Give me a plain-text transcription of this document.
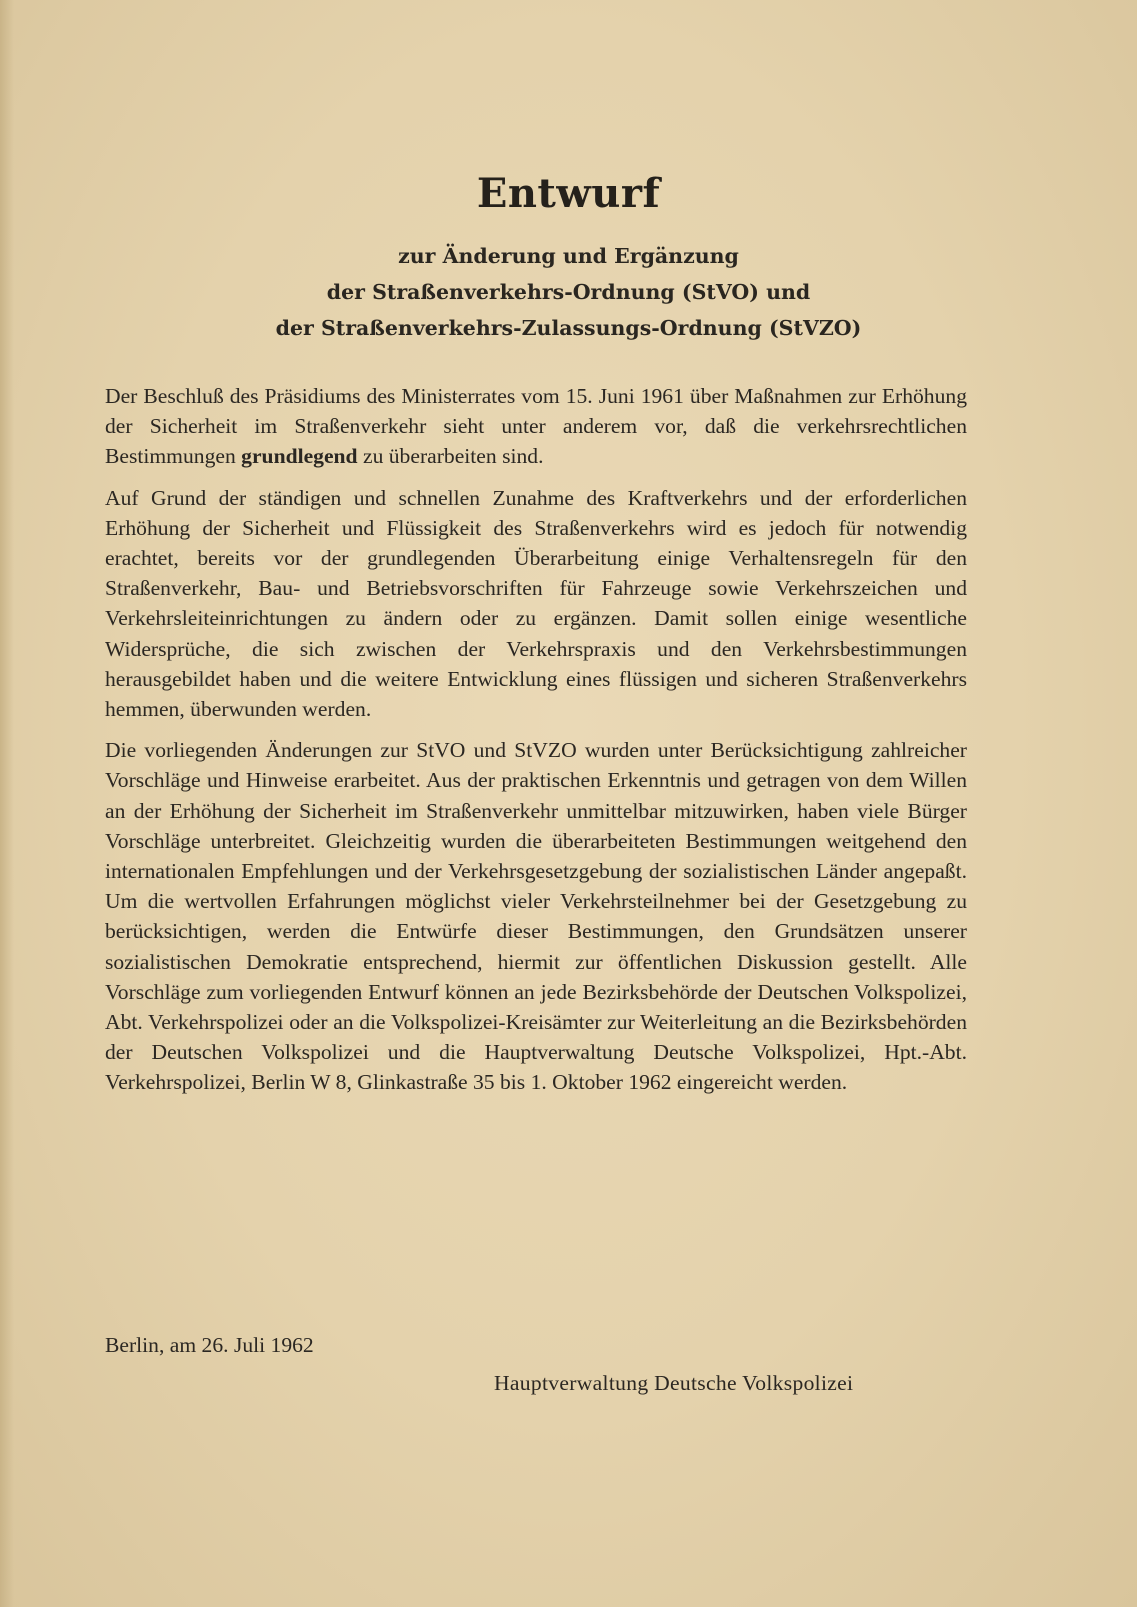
Entwurf
zur Änderung und Ergänzung
der Straßenverkehrs-Ordnung (StVO) und
der Straßenverkehrs-Zulassungs-Ordnung (StVZO)

Der Beschluß des Präsidiums des Ministerrates vom 15. Juni 1961 über Maßnahmen zur Erhöhung der Sicherheit im Straßenverkehr sieht unter anderem vor, daß die verkehrsrechtlichen Bestimmungen grundlegend zu überarbeiten sind.

Auf Grund der ständigen und schnellen Zunahme des Kraftverkehrs und der erforderlichen Erhöhung der Sicherheit und Flüssigkeit des Straßenverkehrs wird es jedoch für notwendig erachtet, bereits vor der grundlegenden Überarbeitung einige Verhaltensregeln für den Straßenverkehr, Bau- und Betriebsvorschriften für Fahrzeuge sowie Verkehrszeichen und Verkehrsleiteinrichtungen zu ändern oder zu ergänzen. Damit sollen einige wesentliche Widersprüche, die sich zwischen der Verkehrspraxis und den Verkehrsbestimmungen herausgebildet haben und die weitere Entwicklung eines flüssigen und sicheren Straßenverkehrs hemmen, überwunden werden.

Die vorliegenden Änderungen zur StVO und StVZO wurden unter Berücksichtigung zahlreicher Vorschläge und Hinweise erarbeitet. Aus der praktischen Erkenntnis und getragen von dem Willen an der Erhöhung der Sicherheit im Straßenverkehr unmittelbar mitzuwirken, haben viele Bürger Vorschläge unterbreitet. Gleichzeitig wurden die überarbeiteten Bestimmungen weitgehend den internationalen Empfehlungen und der Verkehrsgesetzgebung der sozialistischen Länder angepaßt. Um die wertvollen Erfahrungen möglichst vieler Verkehrsteilnehmer bei der Gesetzgebung zu berücksichtigen, werden die Entwürfe dieser Bestimmungen, den Grundsätzen unserer sozialistischen Demokratie entsprechend, hiermit zur öffentlichen Diskussion gestellt. Alle Vorschläge zum vorliegenden Entwurf können an jede Bezirksbehörde der Deutschen Volkspolizei, Abt. Verkehrspolizei oder an die Volkspolizei-Kreisämter zur Weiterleitung an die Bezirksbehörden der Deutschen Volkspolizei und die Hauptverwaltung Deutsche Volkspolizei, Hpt.-Abt. Verkehrspolizei, Berlin W 8, Glinkastraße 35 bis 1. Oktober 1962 eingereicht werden.

Berlin, am 26. Juli 1962
Hauptverwaltung Deutsche Volkspolizei
